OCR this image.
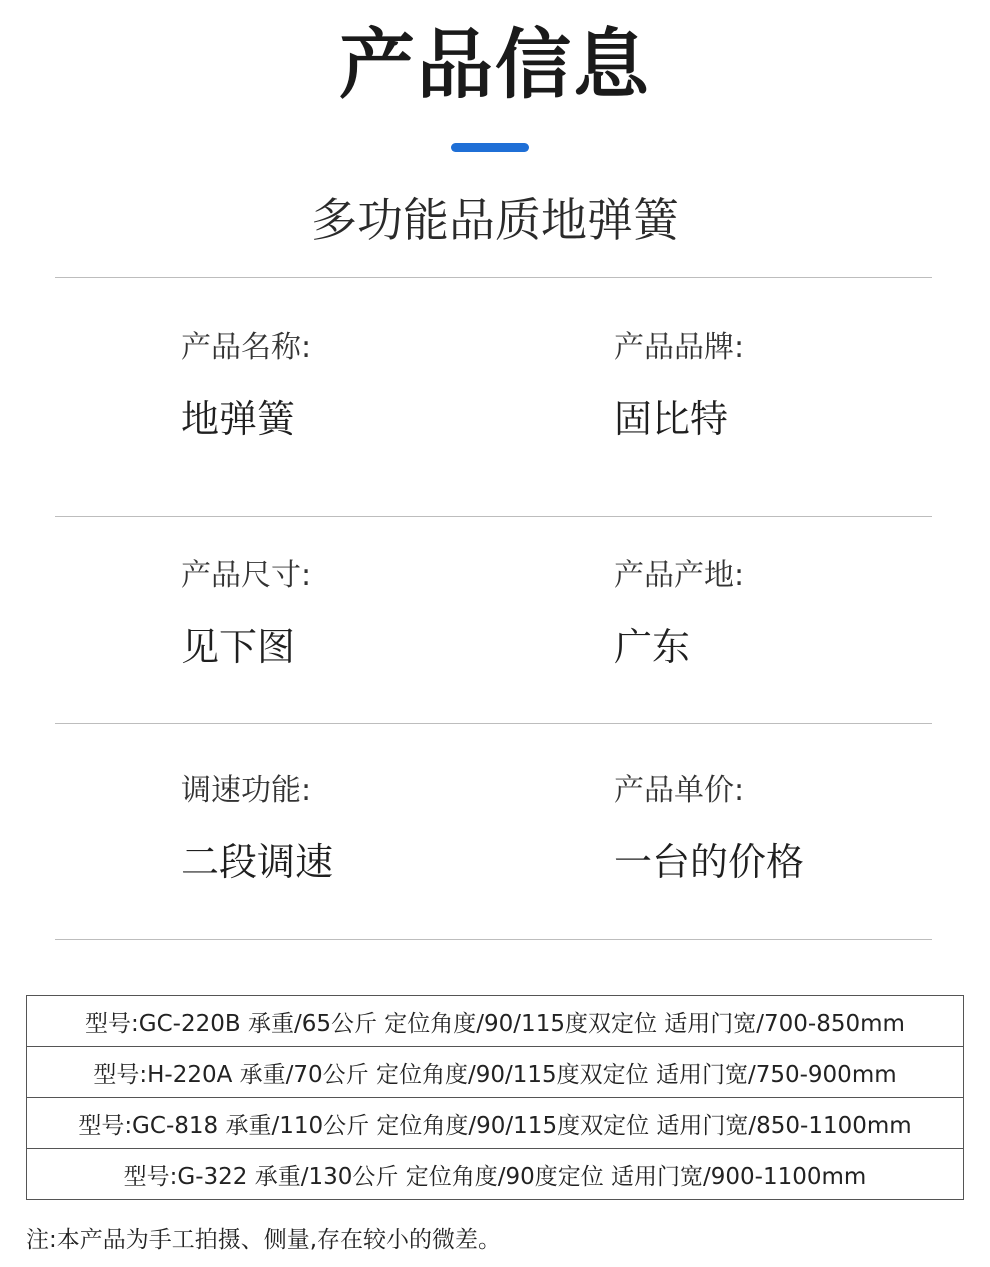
产品信息
多功能品质地弹簧
产品名称:
地弹簧
产品品牌:
固比特
产品尺寸:
见下图
产品产地:
广东
调速功能:
二段调速
产品单价:
一台的价格
型号:GC-220B 承重/65公斤 定位角度/90/115度双定位 适用门宽/700-850mm
型号:H-220A 承重/70公斤 定位角度/90/115度双定位 适用门宽/750-900mm
型号:GC-818 承重/110公斤 定位角度/90/115度双定位 适用门宽/850-1100mm
型号:G-322 承重/130公斤 定位角度/90度定位 适用门宽/900-1100mm
注:本产品为手工拍摄、侧量,存在较小的微差。
